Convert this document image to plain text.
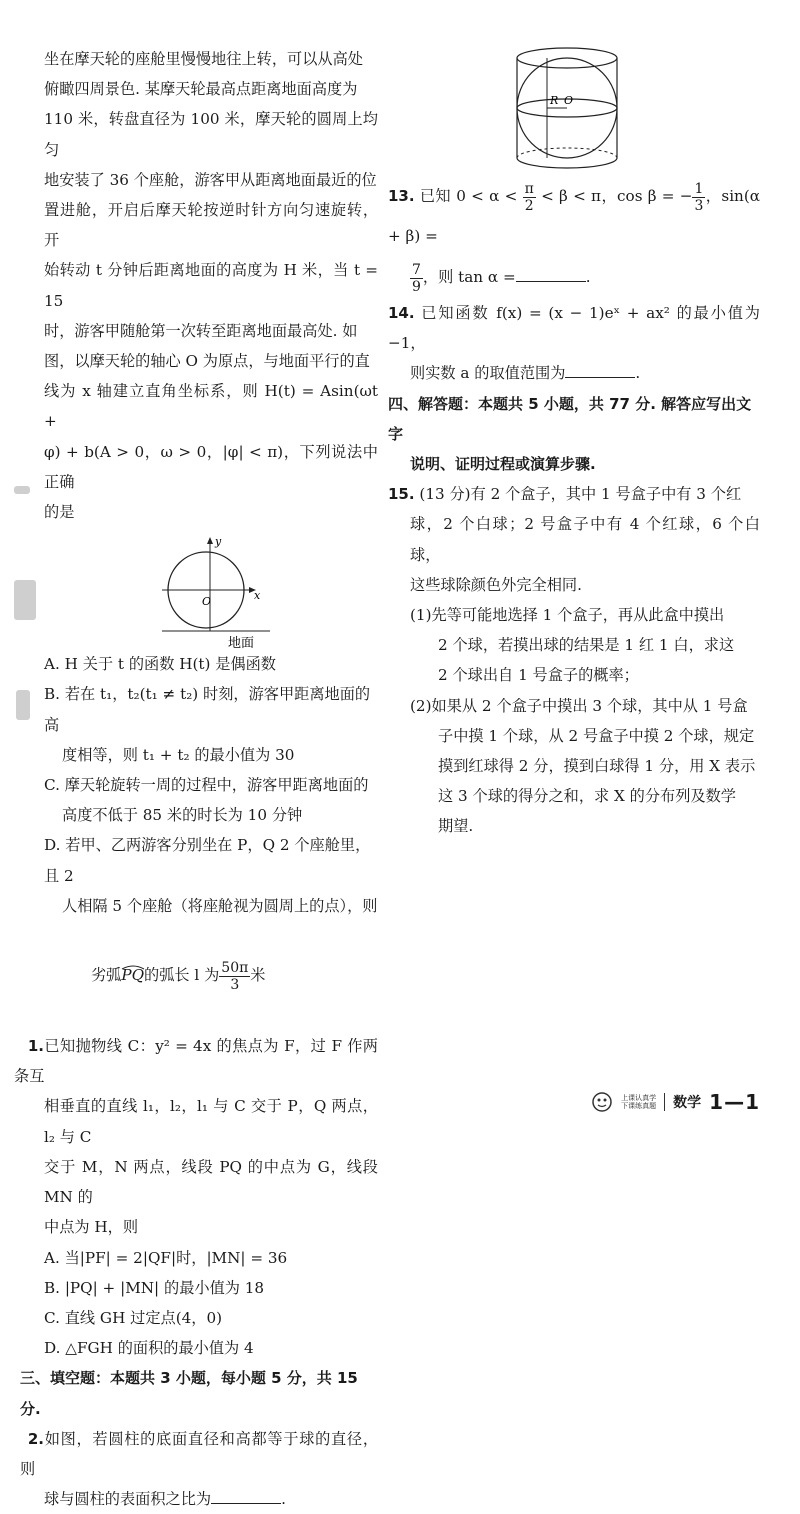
坐在摩天轮的座舱里慢慢地往上转，可以从高处

俯瞰四周景色. 某摩天轮最高点距离地面高度为

110 米，转盘直径为 100 米，摩天轮的圆周上均匀

地安装了 36 个座舱，游客甲从距离地面最近的位

置进舱，开启后摩天轮按逆时针方向匀速旋转，开

始转动 t 分钟后距离地面的高度为 H 米，当 t = 15

时，游客甲随舱第一次转至距离地面最高处. 如

图，以摩天轮的轴心 O 为原点，与地面平行的直

线为 x 轴建立直角坐标系，则 H(t) = Asin(ωt +

φ) + b(A > 0，ω > 0，|φ| < π)，下列说法中正确

的是

y
x
O
地面

A. H 关于 t 的函数 H(t) 是偶函数

B. 若在 t₁，t₂(t₁ ≠ t₂) 时刻，游客甲距离地面的高

度相等，则 t₁ + t₂ 的最小值为 30

C. 摩天轮旋转一周的过程中，游客甲距离地面的

高度不低于 85 米的时长为 10 分钟

D. 若甲、乙两游客分别坐在 P，Q 2 个座舱里，且 2

人相隔 5 个座舱（将座舱视为圆周上的点），则

劣弧PQ
的弧长 l 为 $\frac{50\pi}{3}$ 米

1.已知抛物线 C：y² = 4x 的焦点为 F，过 F 作两条互

相垂直的直线 l₁，l₂，l₁ 与 C 交于 P，Q 两点，l₂ 与 C

交于 M，N 两点，线段 PQ 的中点为 G，线段 MN 的

中点为 H，则

A. 当|PF| = 2|QF|时，|MN| = 36

B. |PQ| + |MN| 的最小值为 18

C. 直线 GH 过定点(4，0)

D. △FGH 的面积的最小值为 4

三、填空题：本题共 3 小题，每小题 5 分，共 15 分.

2.如图，若圆柱的底面直径和高都等于球的直径，则

球与圆柱的表面积之比为	.

R O

13. 已知 $0 < \alpha < \frac{\pi}{2} < \beta < \pi$，cos β = − $\frac{1}{3}$ ，sin(α + β) =

$\frac{7}{9}$ ，则 tan α =	.

14. 已知函数 f(x) = (x − 1)eˣ + ax² 的最小值为 −1，

则实数 a 的取值范围为	.

四、解答题：本题共 5 小题，共 77 分. 解答应写出文字

说明、证明过程或演算步骤.

15. (13 分)有 2 个盒子，其中 1 号盒子中有 3 个红

球，2 个白球；2 号盒子中有 4 个红球，6 个白球，

这些球除颜色外完全相同.

(1)先等可能地选择 1 个盒子，再从此盒中摸出

2 个球，若摸出球的结果是 1 红 1 白，求这

2 个球出自 1 号盒子的概率；

(2)如果从 2 个盒子中摸出 3 个球，其中从 1 号盒

子中摸 1 个球，从 2 号盒子中摸 2 个球，规定

摸到红球得 2 分，摸到白球得 1 分，用 X 表示

这 3 个球的得分之和，求 X 的分布列及数学

期望.

上课认真学
下课练真题 数学 1—1
